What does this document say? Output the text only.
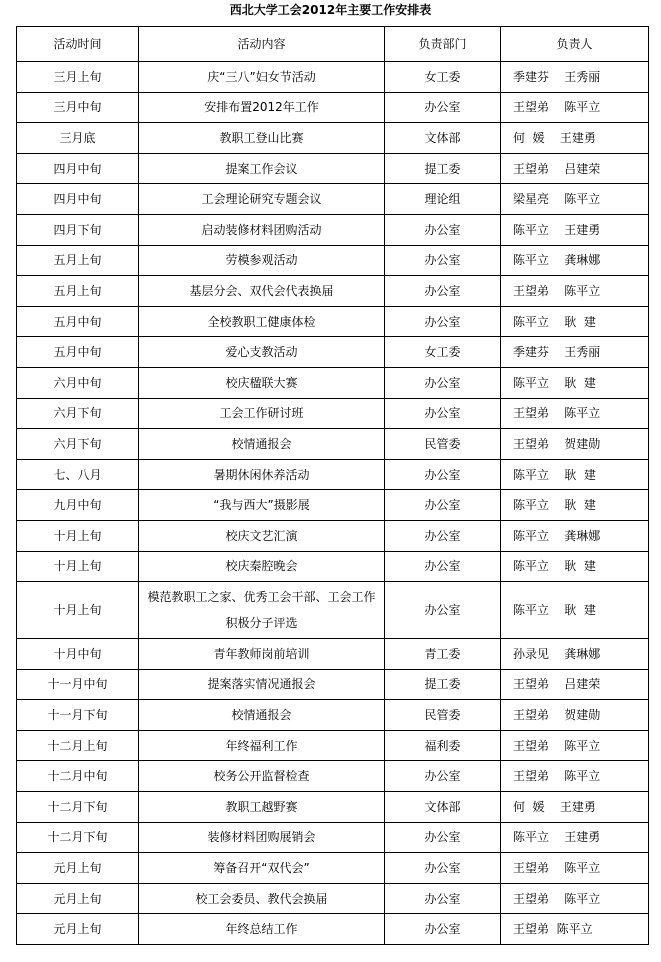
西北大学工会2012年主要工作安排表
活动时间	活动内容	负责部门	负责人
三月上旬	庆“三八”妇女节活动	女工委	季建芬    王秀丽
三月中旬	安排布置2012年工作	办公室	王望弟    陈平立
三月底	教职工登山比赛	文体部	何  媛    王建勇
四月中旬	提案工作会议	提工委	王望弟    吕建荣
四月中旬	工会理论研究专题会议	理论组	梁星亮    陈平立
四月下旬	启动装修材料团购活动	办公室	陈平立    王建勇
五月上旬	劳模参观活动	办公室	陈平立    龚琳娜
五月上旬	基层分会、双代会代表换届	办公室	王望弟    陈平立
五月中旬	全校教职工健康体检	办公室	陈平立    耿  建
五月中旬	爱心支教活动	女工委	季建芬    王秀丽
六月中旬	校庆楹联大赛	办公室	陈平立    耿  建
六月下旬	工会工作研讨班	办公室	王望弟    陈平立
六月下旬	校情通报会	民管委	王望弟    贺建勋
七、八月	暑期休闲休养活动	办公室	陈平立    耿  建
九月中旬	“我与西大”摄影展	办公室	陈平立    耿  建
十月上旬	校庆文艺汇演	办公室	陈平立    龚琳娜
十月上旬	校庆秦腔晚会	办公室	陈平立    耿  建
十月上旬	模范教职工之家、优秀工会干部、工会工作积极分子评选	办公室	陈平立    耿  建
十月中旬	青年教师岗前培训	青工委	孙录见    龚琳娜
十一月中旬	提案落实情况通报会	提工委	王望弟    吕建荣
十一月下旬	校情通报会	民管委	王望弟    贺建勋
十二月上旬	年终福利工作	福利委	王望弟    陈平立
十二月中旬	校务公开监督检查	办公室	王望弟    陈平立
十二月下旬	教职工越野赛	文体部	何  媛    王建勇
十二月下旬	装修材料团购展销会	办公室	陈平立    王建勇
元月上旬	筹备召开“双代会”	办公室	王望弟    陈平立
元月上旬	校工会委员、教代会换届	办公室	王望弟    陈平立
元月上旬	年终总结工作	办公室	王望弟  陈平立
